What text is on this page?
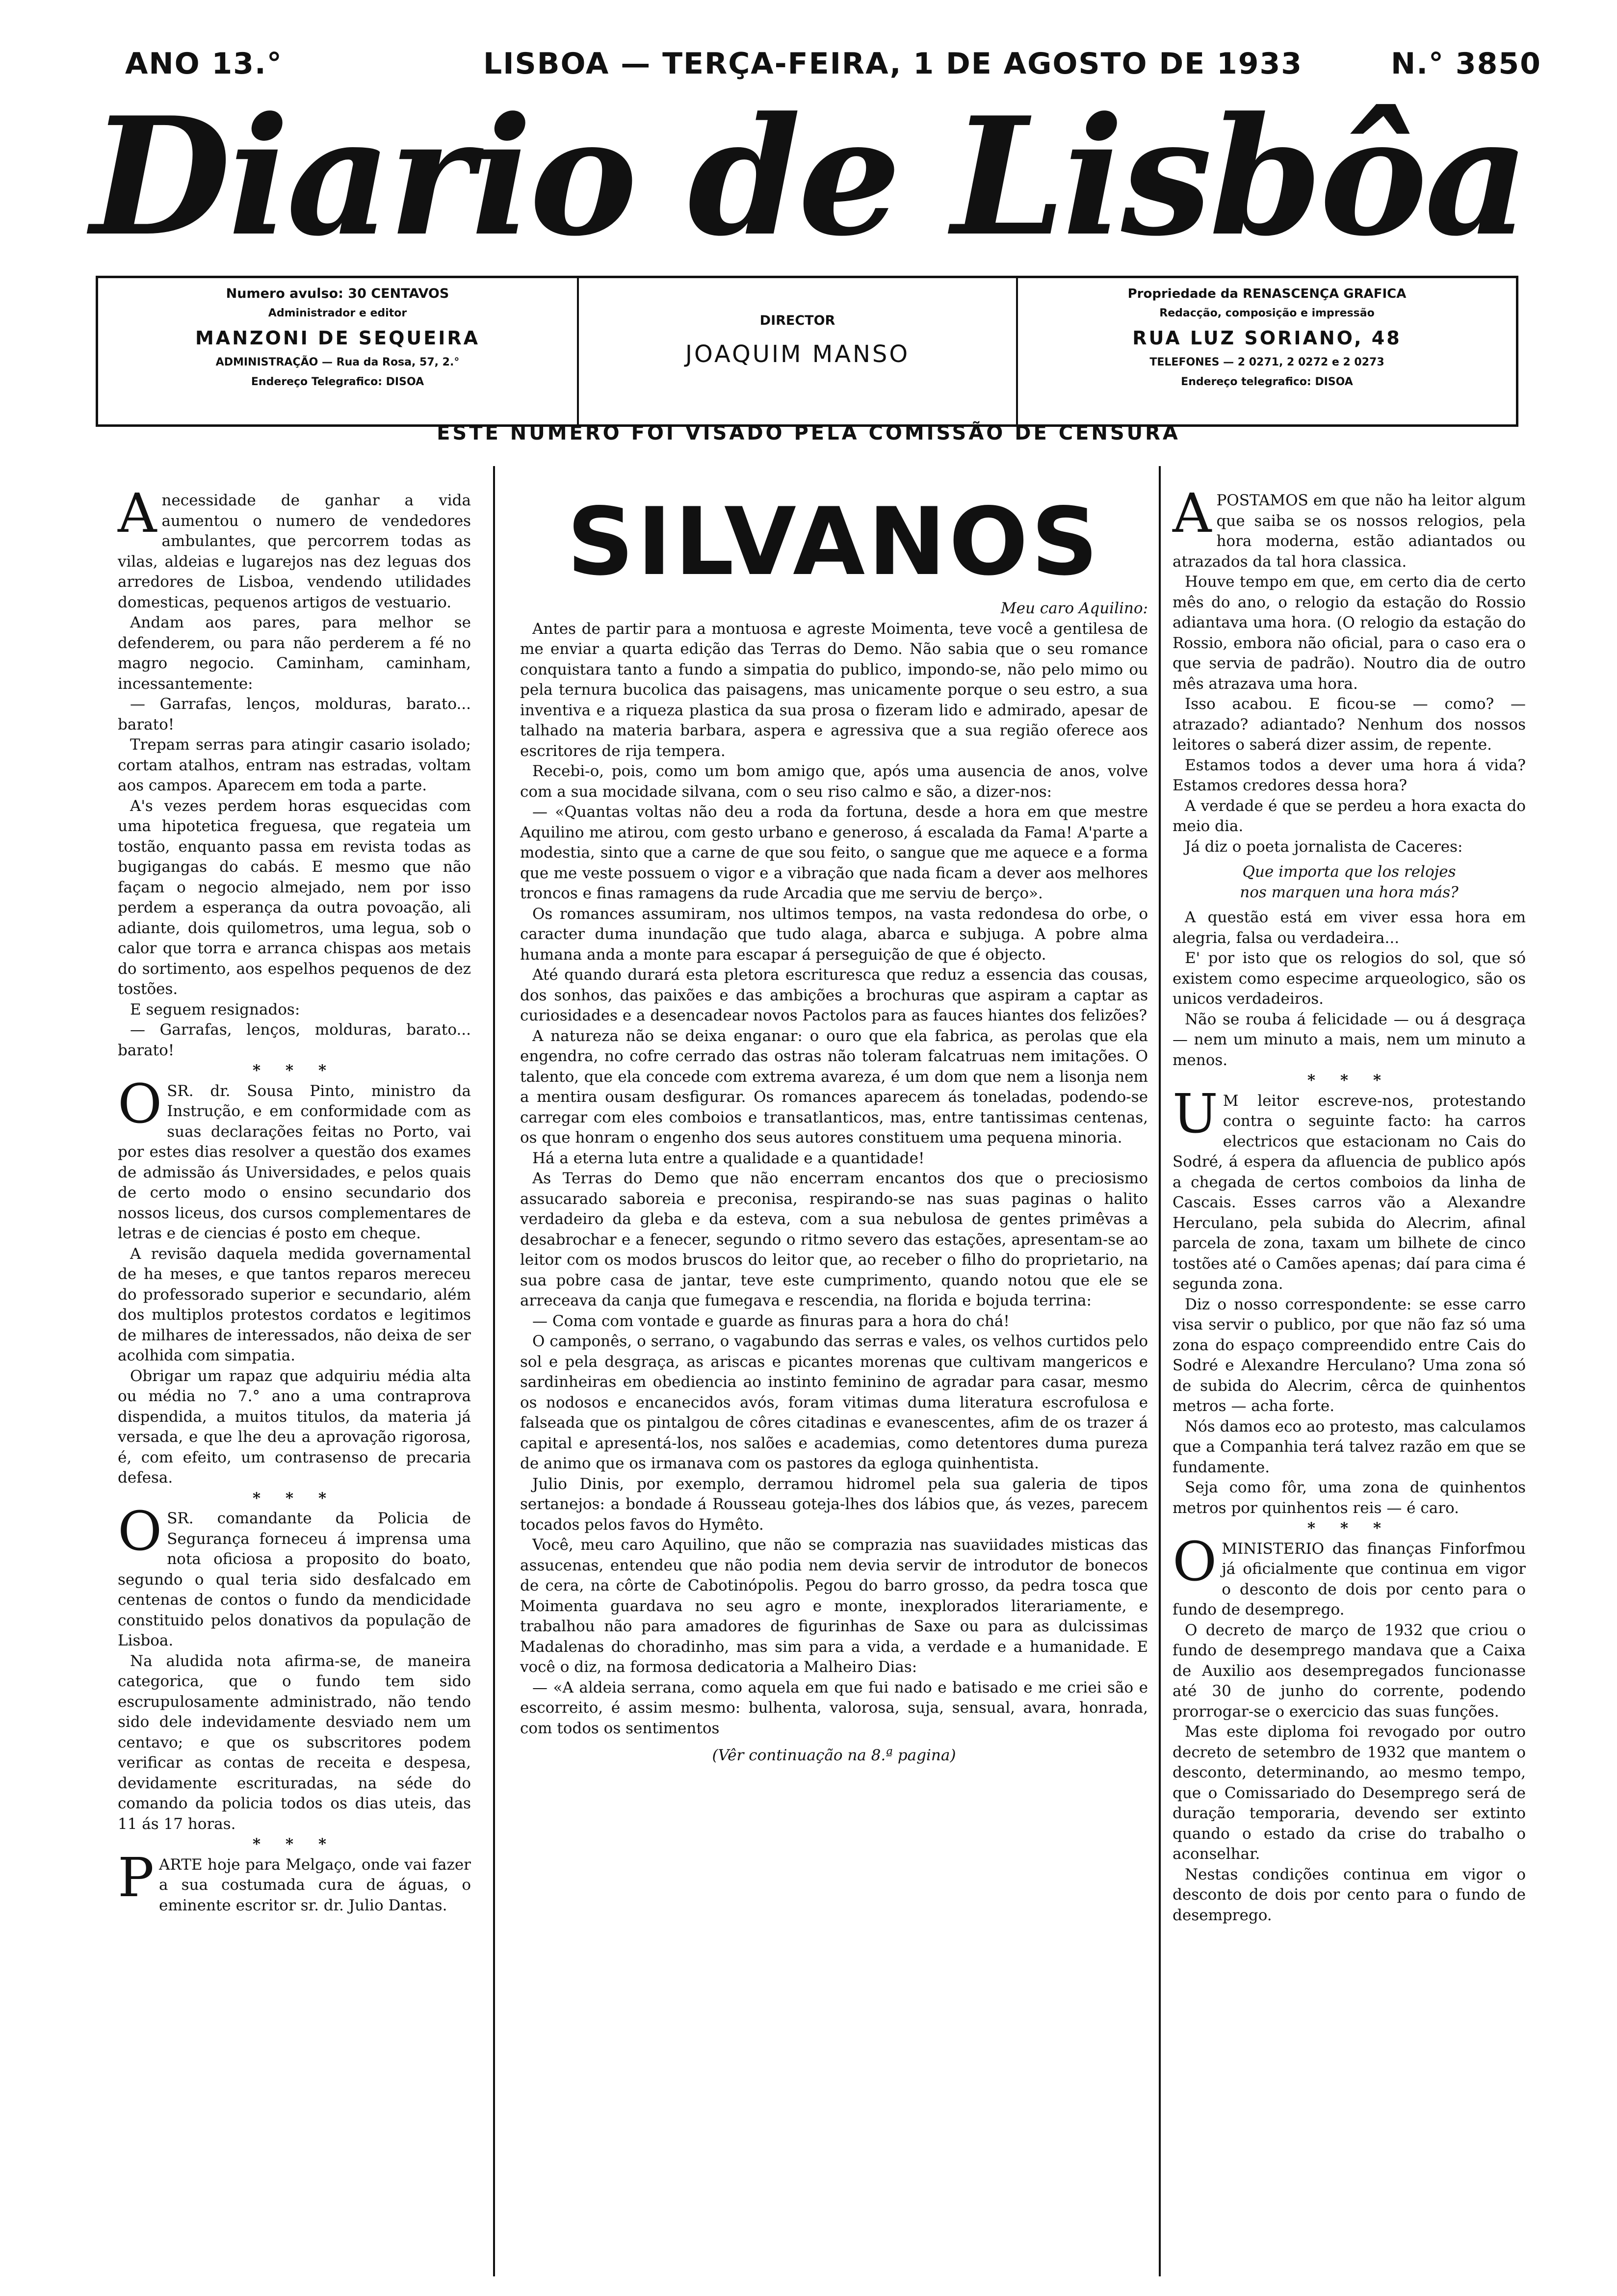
ANO 13.°	LISBOA — TERÇA-FEIRA, 1 DE AGOSTO DE 1933	N.° 3850
Diario de Lisbôa
Numero avulso: 30 CENTAVOS
Administrador e editor
MANZONI DE SEQUEIRA
ADMINISTRAÇÃO — Rua da Rosa, 57, 2.°
Endereço Telegrafico: DISOA
DIRECTOR
JOAQUIM MANSO
Propriedade da RENASCENÇA GRAFICA
Redacção, composição e impressão
RUA LUZ SORIANO, 48
TELEFONES — 2 0271, 2 0272 e 2 0273
Endereço telegrafico: DISOA
ESTE NUMERO FOI VISADO PELA COMISSÃO DE CENSURA

Anecessidade de ganhar a vida aumentou o numero de vendedores ambulantes, que percorrem todas as vilas, aldeias e lugarejos nas dez leguas dos arredores de Lisboa, vendendo utilidades domesticas, pequenos artigos de vestuario.

Andam aos pares, para melhor se defenderem, ou para não perderem a fé no magro negocio. Caminham, caminham, incessantemente:

— Garrafas, lenços, molduras, barato... barato!

Trepam serras para atingir casario isolado; cortam atalhos, entram nas estradas, voltam aos campos. Aparecem em toda a parte.

A's vezes perdem horas esquecidas com uma hipotetica freguesa, que regateia um tostão, enquanto passa em revista todas as bugigangas do cabás. E mesmo que não façam o negocio almejado, nem por isso perdem a esperança da outra povoação, ali adiante, dois quilometros, uma legua, sob o calor que torra e arranca chispas aos metais do sortimento, aos espelhos pequenos de dez tostões.

E seguem resignados:

— Garrafas, lenços, molduras, barato... barato!

* * *

OSR. dr. Sousa Pinto, ministro da Instrução, e em conformidade com as suas declarações feitas no Porto, vai por estes dias resolver a questão dos exames de admissão ás Universidades, e pelos quais de certo modo o ensino secundario dos nossos liceus, dos cursos complementares de letras e de ciencias é posto em cheque.

A revisão daquela medida governamental de ha meses, e que tantos reparos mereceu do professorado superior e secundario, além dos multiplos protestos cordatos e legitimos de milhares de interessados, não deixa de ser acolhida com simpatia.

Obrigar um rapaz que adquiriu média alta ou média no 7.° ano a uma contraprova dispendida, a muitos titulos, da materia já versada, e que lhe deu a aprovação rigorosa, é, com efeito, um contrasenso de precaria defesa.

* * *

OSR. comandante da Policia de Segurança forneceu á imprensa uma nota oficiosa a proposito do boato, segundo o qual teria sido desfalcado em centenas de contos o fundo da mendicidade constituido pelos donativos da população de Lisboa.

Na aludida nota afirma-se, de maneira categorica, que o fundo tem sido escrupulosamente administrado, não tendo sido dele indevidamente desviado nem um centavo; e que os subscritores podem verificar as contas de receita e despesa, devidamente escrituradas, na séde do comando da policia todos os dias uteis, das 11 ás 17 horas.

* * *

PARTE hoje para Melgaço, onde vai fazer a sua costumada cura de águas, o eminente escritor sr. dr. Julio Dantas.

SILVANOS

Meu caro Aquilino:

Antes de partir para a montuosa e agreste Moimenta, teve você a gentilesa de me enviar a quarta edição das Terras do Demo. Não sabia que o seu romance conquistara tanto a fundo a simpatia do publico, impondo-se, não pelo mimo ou pela ternura bucolica das paisagens, mas unicamente porque o seu estro, a sua inventiva e a riqueza plastica da sua prosa o fizeram lido e admirado, apesar de talhado na materia barbara, aspera e agressiva que a sua região oferece aos escritores de rija tempera.

Recebi-o, pois, como um bom amigo que, após uma ausencia de anos, volve com a sua mocidade silvana, com o seu riso calmo e são, a dizer-nos:

— «Quantas voltas não deu a roda da fortuna, desde a hora em que mestre Aquilino me atirou, com gesto urbano e generoso, á escalada da Fama! A'parte a modestia, sinto que a carne de que sou feito, o sangue que me aquece e a forma que me veste possuem o vigor e a vibração que nada ficam a dever aos melhores troncos e finas ramagens da rude Arcadia que me serviu de berço».

Os romances assumiram, nos ultimos tempos, na vasta redondesa do orbe, o caracter duma inundação que tudo alaga, abarca e subjuga. A pobre alma humana anda a monte para escapar á perseguição de que é objecto.

Até quando durará esta pletora escrituresca que reduz a essencia das cousas, dos sonhos, das paixões e das ambições a brochuras que aspiram a captar as curiosidades e a desencadear novos Pactolos para as fauces hiantes dos felizões?

A natureza não se deixa enganar: o ouro que ela fabrica, as perolas que ela engendra, no cofre cerrado das ostras não toleram falcatruas nem imitações. O talento, que ela concede com extrema avareza, é um dom que nem a lisonja nem a mentira ousam desfigurar. Os romances aparecem ás toneladas, podendo-se carregar com eles comboios e transatlanticos, mas, entre tantissimas centenas, os que honram o engenho dos seus autores constituem uma pequena minoria.

Há a eterna luta entre a qualidade e a quantidade!

As Terras do Demo que não encerram encantos dos que o preciosismo assucarado saboreia e preconisa, respirando-se nas suas paginas o halito verdadeiro da gleba e da esteva, com a sua nebulosa de gentes primêvas a desabrochar e a fenecer, segundo o ritmo severo das estações, apresentam-se ao leitor com os modos bruscos do leitor que, ao receber o filho do proprietario, na sua pobre casa de jantar, teve este cumprimento, quando notou que ele se arreceava da canja que fumegava e rescendia, na florida e bojuda terrina:

— Coma com vontade e guarde as finuras para a hora do chá!

O camponês, o serrano, o vagabundo das serras e vales, os velhos curtidos pelo sol e pela desgraça, as ariscas e picantes morenas que cultivam mangericos e sardinheiras em obediencia ao instinto feminino de agradar para casar, mesmo os nodosos e encanecidos avós, foram vitimas duma literatura escrofulosa e falseada que os pintalgou de côres citadinas e evanescentes, afim de os trazer á capital e apresentá-los, nos salões e academias, como detentores duma pureza de animo que os irmanava com os pastores da egloga quinhentista.

Julio Dinis, por exemplo, derramou hidromel pela sua galeria de tipos sertanejos: a bondade á Rousseau goteja-lhes dos lábios que, ás vezes, parecem tocados pelos favos do Hymêto.

Você, meu caro Aquilino, que não se comprazia nas suaviidades misticas das assucenas, entendeu que não podia nem devia servir de introdutor de bonecos de cera, na côrte de Cabotinópolis. Pegou do barro grosso, da pedra tosca que Moimenta guardava no seu agro e monte, inexplorados literariamente, e trabalhou não para amadores de figurinhas de Saxe ou para as dulcissimas Madalenas do choradinho, mas sim para a vida, a verdade e a humanidade. E você o diz, na formosa dedicatoria a Malheiro Dias:

— «A aldeia serrana, como aquela em que fui nado e batisado e me criei são e escorreito, é assim mesmo: bulhenta, valorosa, suja, sensual, avara, honrada, com todos os sentimentos

(Vêr continuação na 8.ª pagina)

APOSTAMOS em que não ha leitor algum que saiba se os nossos relogios, pela hora moderna, estão adiantados ou atrazados da tal hora classica.

Houve tempo em que, em certo dia de certo mês do ano, o relogio da estação do Rossio adiantava uma hora. (O relogio da estação do Rossio, embora não oficial, para o caso era o que servia de padrão). Noutro dia de outro mês atrazava uma hora.

Isso acabou. E ficou-se — como? — atrazado? adiantado? Nenhum dos nossos leitores o saberá dizer assim, de repente.

Estamos todos a dever uma hora á vida? Estamos credores dessa hora?

A verdade é que se perdeu a hora exacta do meio dia.

Já diz o poeta jornalista de Caceres:

Que importa que los relojes

nos marquen una hora más?

A questão está em viver essa hora em alegria, falsa ou verdadeira...

E' por isto que os relogios do sol, que só existem como especime arqueologico, são os unicos verdadeiros.

Não se rouba á felicidade — ou á desgraça — nem um minuto a mais, nem um minuto a menos.

* * *

U M leitor escreve-nos, protestando contra o seguinte facto: ha carros electricos que estacionam no Cais do Sodré, á espera da afluencia de publico após a chegada de certos comboios da linha de Cascais. Esses carros vão a Alexandre Herculano, pela subida do Alecrim, afinal parcela de zona, taxam um bilhete de cinco tostões até o Camões apenas; daí para cima é segunda zona.

Diz o nosso correspondente: se esse carro visa servir o publico, por que não faz só uma zona do espaço compreendido entre Cais do Sodré e Alexandre Herculano? Uma zona só de subida do Alecrim, cêrca de quinhentos metros — acha forte.

Nós damos eco ao protesto, mas calculamos que a Companhia terá talvez razão em que se fundamente.

Seja como fôr, uma zona de quinhentos metros por quinhentos reis — é caro.

* * *

OMINISTERIO das finanças Finforfmou já oficialmente que continua em vigor o desconto de dois por cento para o fundo de desemprego.

O decreto de março de 1932 que criou o fundo de desemprego mandava que a Caixa de Auxilio aos desempregados funcionasse até 30 de junho do corrente, podendo prorrogar-se o exercicio das suas funções.

Mas este diploma foi revogado por outro decreto de setembro de 1932 que mantem o desconto, determinando, ao mesmo tempo, que o Comissariado do Desemprego será de duração temporaria, devendo ser extinto quando o estado da crise do trabalho o aconselhar.

Nestas condições continua em vigor o desconto de dois por cento para o fundo de desemprego.
